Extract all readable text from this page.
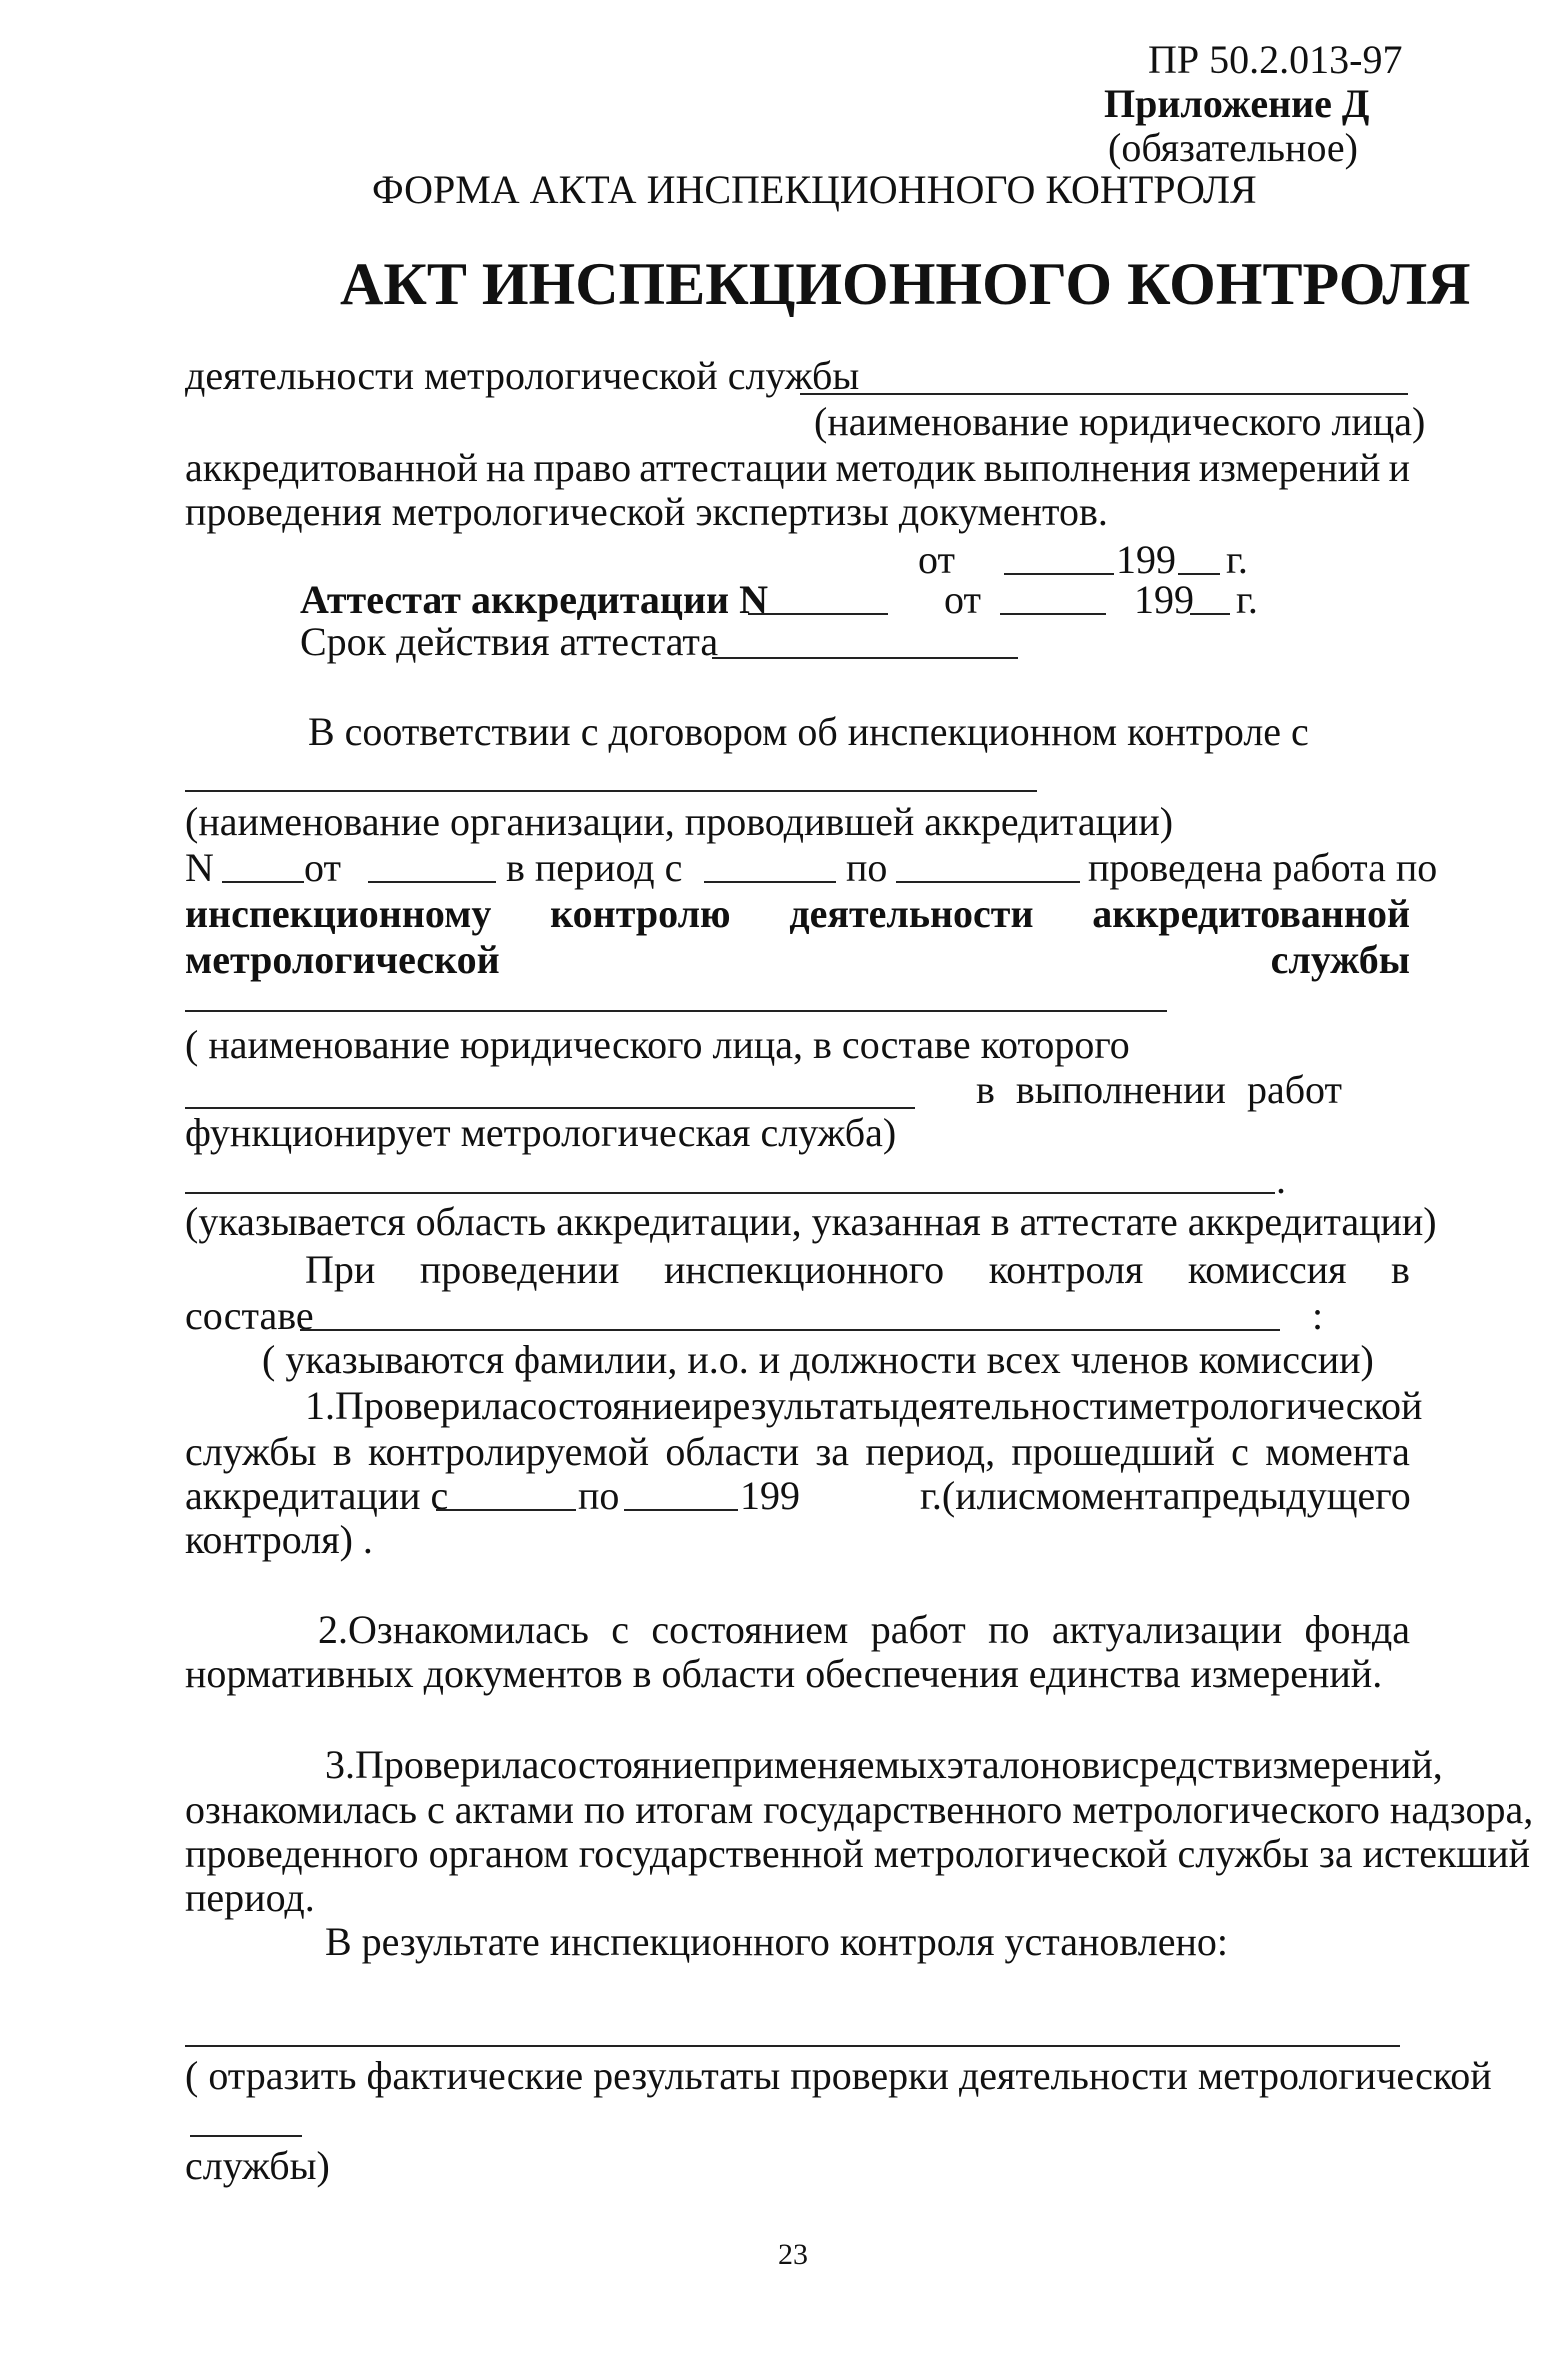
ПР 50.2.013-97
Приложение Д
(обязательное)
ФОРМА АКТА ИНСПЕКЦИОННОГО КОНТРОЛЯ
АКТ ИНСПЕКЦИОННОГО КОНТРОЛЯ
деятельности метрологической службы
(наименование юридического лица)
аккредитованной на право аттестации методик выполнения измерений и
проведения метрологической экспертизы документов.
от	199 г.
Аттестат аккредитации N	от	199 г.
Срок действия аттестата
В соответствии с договором об инспекционном контроле с
(наименование организации, проводившей аккредитации)
N от	в период с	по	проведена работа по
инспекционному контролю деятельности аккредитованной
метрологической	службы
( наименование юридического лица, в составе которого
в выполнении работ
функционирует метрологическая служба)
.
(указывается область аккредитации, указанная в аттестате аккредитации)
При проведении инспекционного контроля комиссия в
составе	:
( указываются фамилии, и.о. и должности всех членов комиссии)
1.Проверила состояние и результаты деятельности метрологической
службы в контролируемой области за период, прошедший с момента
аккредитации с	по	199	г.(или с момента предыдущего
контроля) .
2.Ознакомилась с состоянием работ по актуализации фонда
нормативных документов в области обеспечения единства измерений.
3.Проверила состояние применяемых эталонов и средств измерений,
ознакомилась с актами по итогам государственного метрологического надзора,
проведенного органом государственной метрологической службы за истекший
период.
В результате инспекционного контроля установлено:
( отразить фактические результаты проверки деятельности метрологической
службы)
23
